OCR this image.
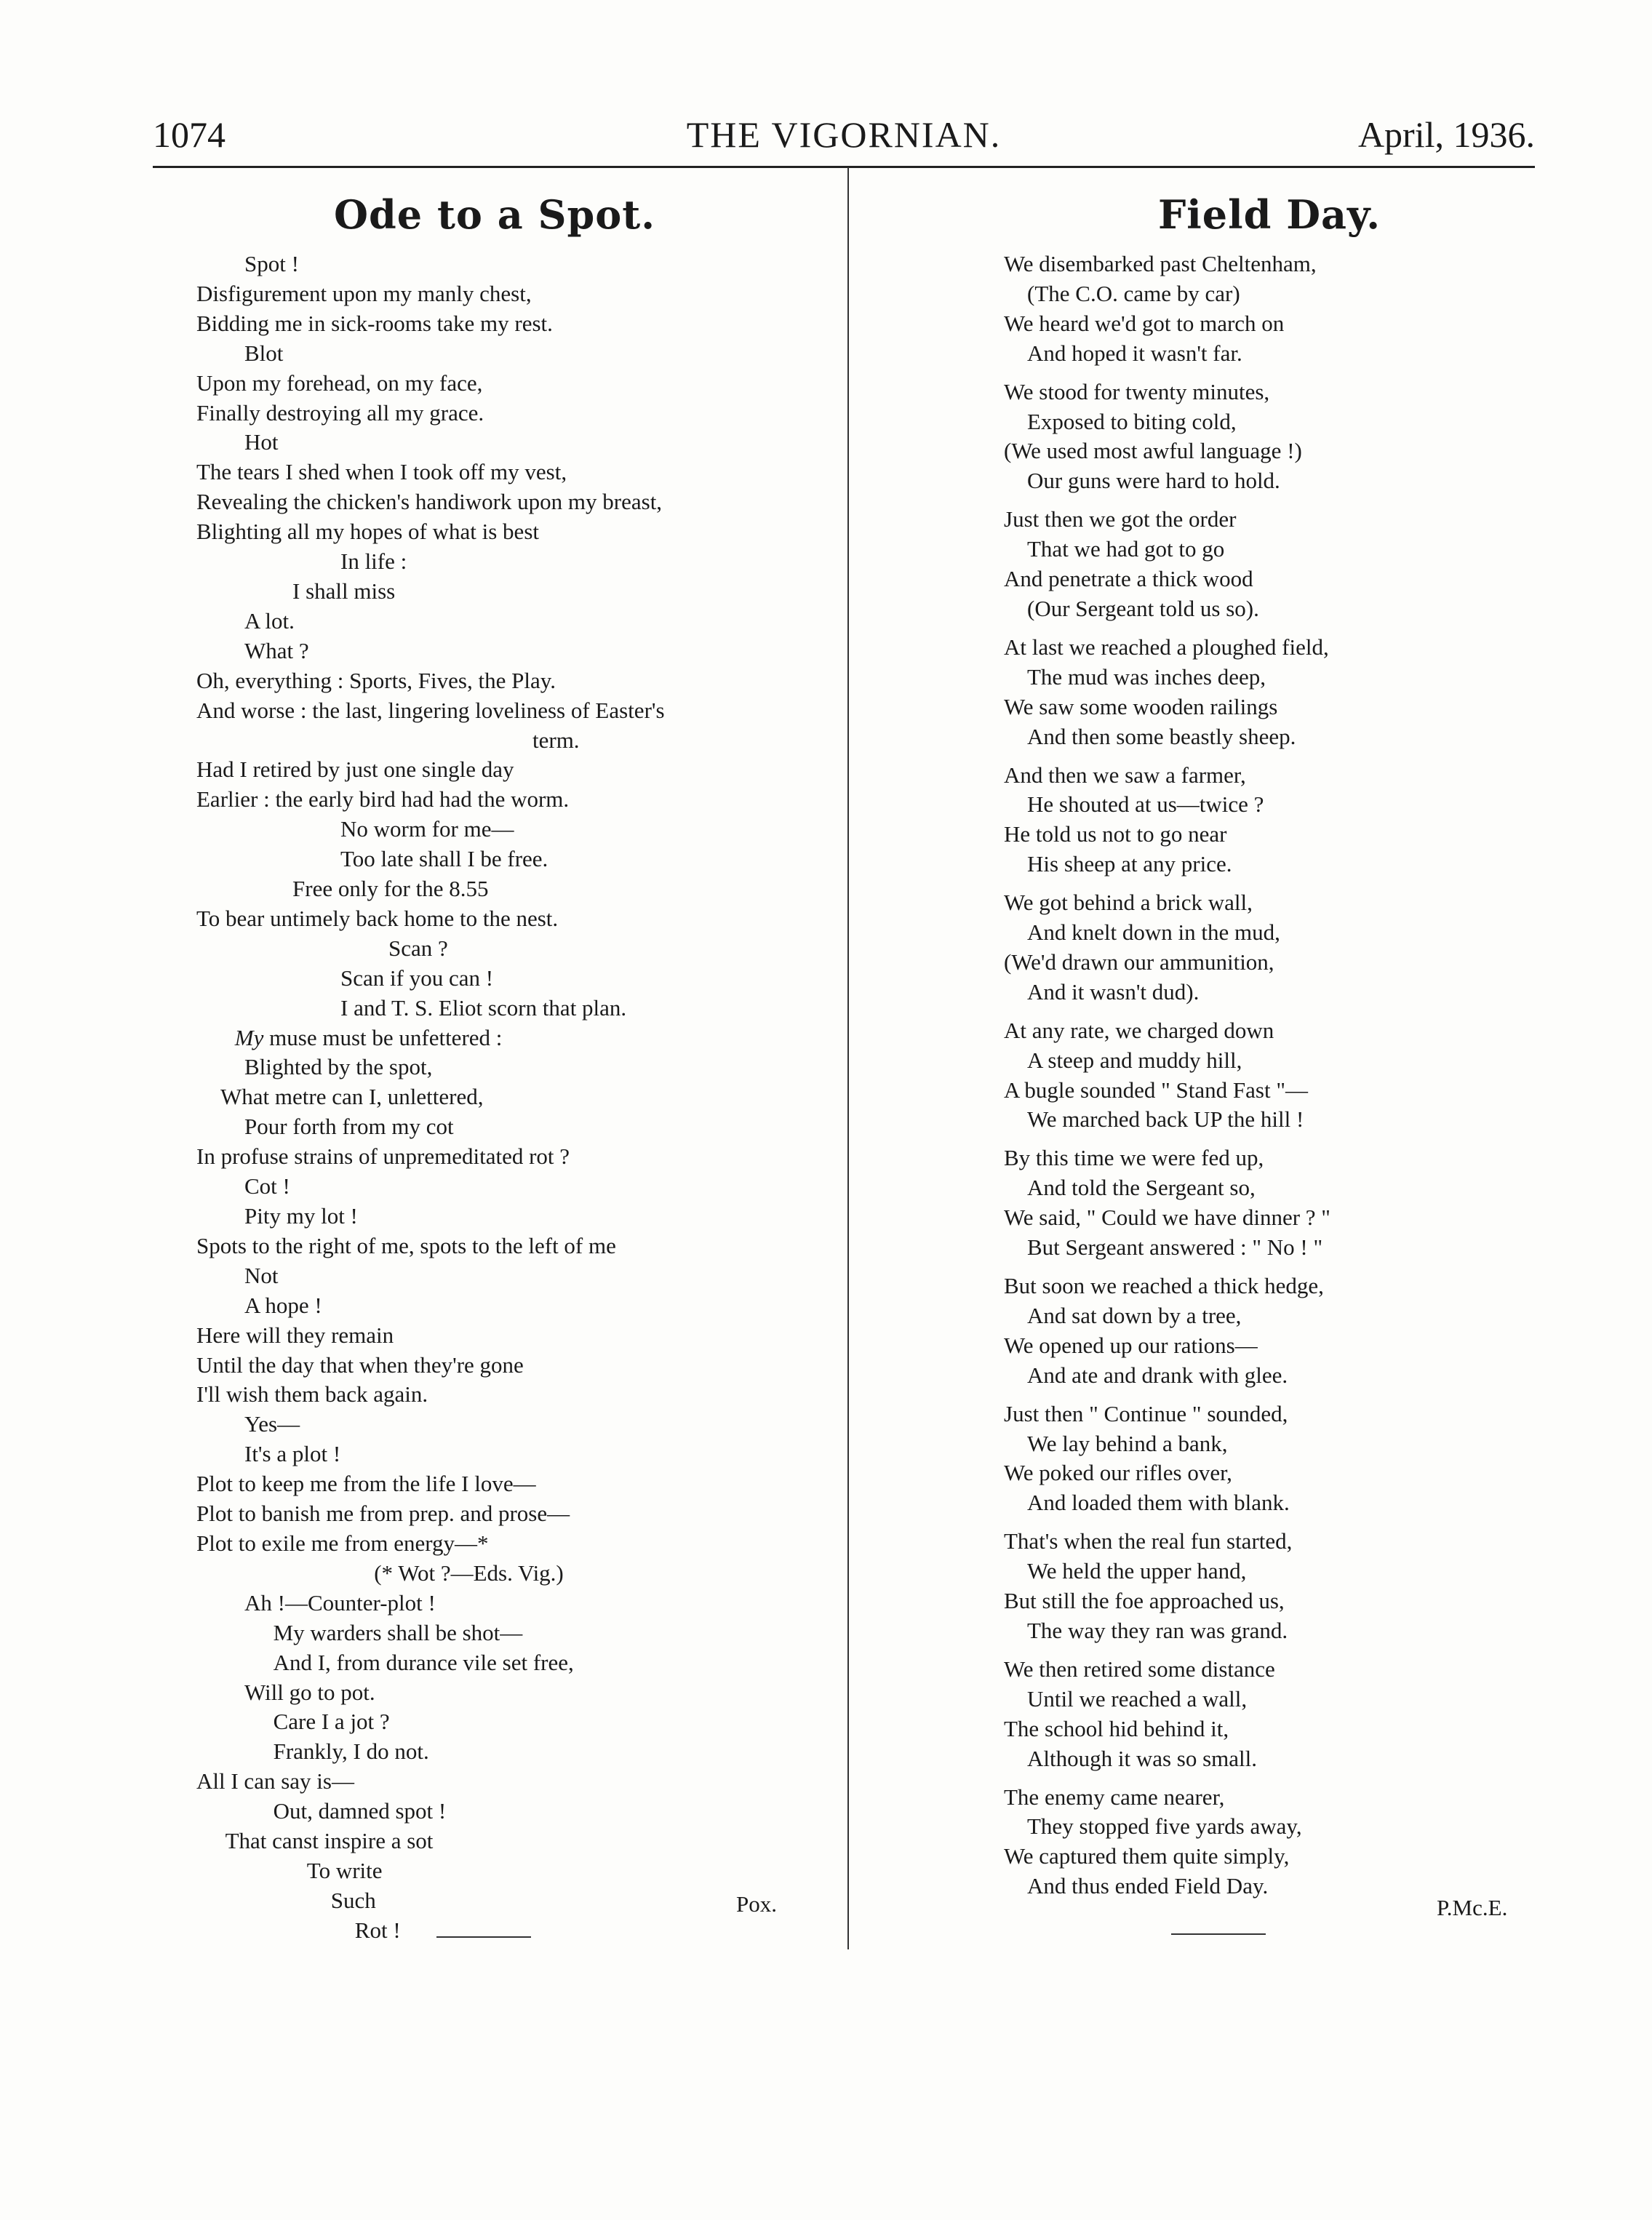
1074	THE VIGORNIAN.	April, 1936.
Ode to a Spot.
Spot !
Disfigurement upon my manly chest,
Bidding me in sick-rooms take my rest.
Blot
Upon my forehead, on my face,
Finally destroying all my grace.
Hot
The tears I shed when I took off my vest,
Revealing the chicken's handiwork upon my breast,
Blighting all my hopes of what is best
In life :
I shall miss
A lot.
What ?
Oh, everything : Sports, Fives, the Play.
And worse : the last, lingering loveliness of Easter's
term.
Had I retired by just one single day
Earlier : the early bird had had the worm.
No worm for me—
Too late shall I be free.
Free only for the 8.55
To bear untimely back home to the nest.
Scan ?
Scan if you can !
I and T. S. Eliot scorn that plan.
My muse must be unfettered :
Blighted by the spot,
What metre can I, unlettered,
Pour forth from my cot
In profuse strains of unpremeditated rot ?
Cot !
Pity my lot !
Spots to the right of me, spots to the left of me
Not
A hope !
Here will they remain
Until the day that when they're gone
I'll wish them back again.
Yes—
It's a plot !
Plot to keep me from the life I love—
Plot to banish me from prep. and prose—
Plot to exile me from energy—*
(* Wot ?—Eds. Vig.)
Ah !—Counter-plot !
My warders shall be shot—
And I, from durance vile set free,
Will go to pot.
Care I a jot ?
Frankly, I do not.
All I can say is—
Out, damned spot !
That canst inspire a sot
To write
Such
Rot !
Pox.
Field Day.
We disembarked past Cheltenham,
(The C.O. came by car)
We heard we'd got to march on
And hoped it wasn't far.
We stood for twenty minutes,
Exposed to biting cold,
(We used most awful language !)
Our guns were hard to hold.
Just then we got the order
That we had got to go
And penetrate a thick wood
(Our Sergeant told us so).
At last we reached a ploughed field,
The mud was inches deep,
We saw some wooden railings
And then some beastly sheep.
And then we saw a farmer,
He shouted at us—twice ?
He told us not to go near
His sheep at any price.
We got behind a brick wall,
And knelt down in the mud,
(We'd drawn our ammunition,
And it wasn't dud).
At any rate, we charged down
A steep and muddy hill,
A bugle sounded " Stand Fast "—
We marched back UP the hill !
By this time we were fed up,
And told the Sergeant so,
We said, " Could we have dinner ? "
But Sergeant answered : " No ! "
But soon we reached a thick hedge,
And sat down by a tree,
We opened up our rations—
And ate and drank with glee.
Just then " Continue " sounded,
We lay behind a bank,
We poked our rifles over,
And loaded them with blank.
That's when the real fun started,
We held the upper hand,
But still the foe approached us,
The way they ran was grand.
We then retired some distance
Until we reached a wall,
The school hid behind it,
Although it was so small.
The enemy came nearer,
They stopped five yards away,
We captured them quite simply,
And thus ended Field Day.
P.Mc.E.
